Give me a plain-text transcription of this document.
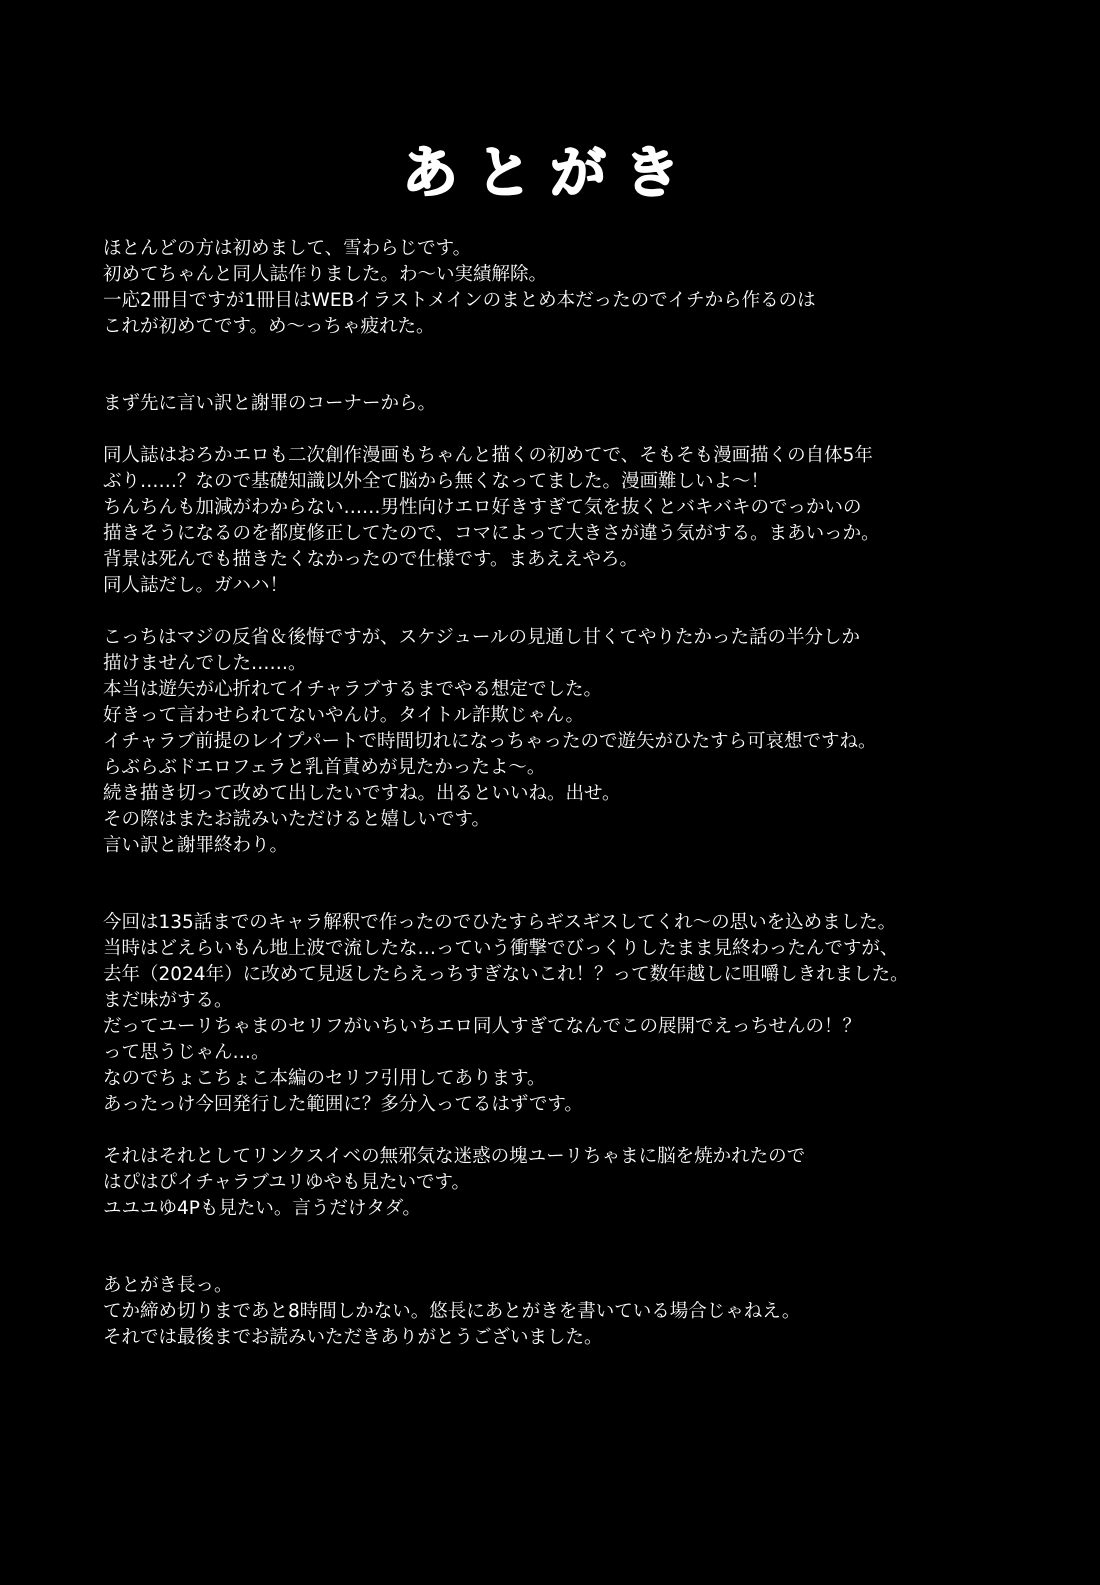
あとがき
ほとんどの方は初めまして、雪わらじです。
初めてちゃんと同人誌作りました。わ〜い実績解除。
一応2冊目ですが1冊目はWEBイラストメインのまとめ本だったのでイチから作るのは
これが初めてです。め〜っちゃ疲れた。
まず先に言い訳と謝罪のコーナーから。
同人誌はおろかエロも二次創作漫画もちゃんと描くの初めてで、そもそも漫画描くの自体5年
ぶり……？なので基礎知識以外全て脳から無くなってました。漫画難しいよ〜！
ちんちんも加減がわからない……男性向けエロ好きすぎて気を抜くとバキバキのでっかいの
描きそうになるのを都度修正してたので、コマによって大きさが違う気がする。まあいっか。
背景は死んでも描きたくなかったので仕様です。まあええやろ。
同人誌だし。ガハハ！
こっちはマジの反省＆後悔ですが、スケジュールの見通し甘くてやりたかった話の半分しか
描けませんでした……。
本当は遊矢が心折れてイチャラブするまでやる想定でした。
好きって言わせられてないやんけ。タイトル詐欺じゃん。
イチャラブ前提のレイプパートで時間切れになっちゃったので遊矢がひたすら可哀想ですね。
らぶらぶドエロフェラと乳首責めが見たかったよ〜。
続き描き切って改めて出したいですね。出るといいね。出せ。
その際はまたお読みいただけると嬉しいです。
言い訳と謝罪終わり。
今回は135話までのキャラ解釈で作ったのでひたすらギスギスしてくれ〜の思いを込めました。
当時はどえらいもん地上波で流したな…っていう衝撃でびっくりしたまま見終わったんですが、
去年（2024年）に改めて見返したらえっちすぎないこれ！？って数年越しに咀嚼しきれました。
まだ味がする。
だってユーリちゃまのセリフがいちいちエロ同人すぎてなんでこの展開でえっちせんの！？
って思うじゃん…。
なのでちょこちょこ本編のセリフ引用してあります。
あったっけ今回発行した範囲に？多分入ってるはずです。
それはそれとしてリンクスイベの無邪気な迷惑の塊ユーリちゃまに脳を焼かれたので
はぴはぴイチャラブユリゆやも見たいです。
ユユユゆ4Pも見たい。言うだけタダ。
あとがき長っ。
てか締め切りまであと8時間しかない。悠長にあとがきを書いている場合じゃねえ。
それでは最後までお読みいただきありがとうございました。
